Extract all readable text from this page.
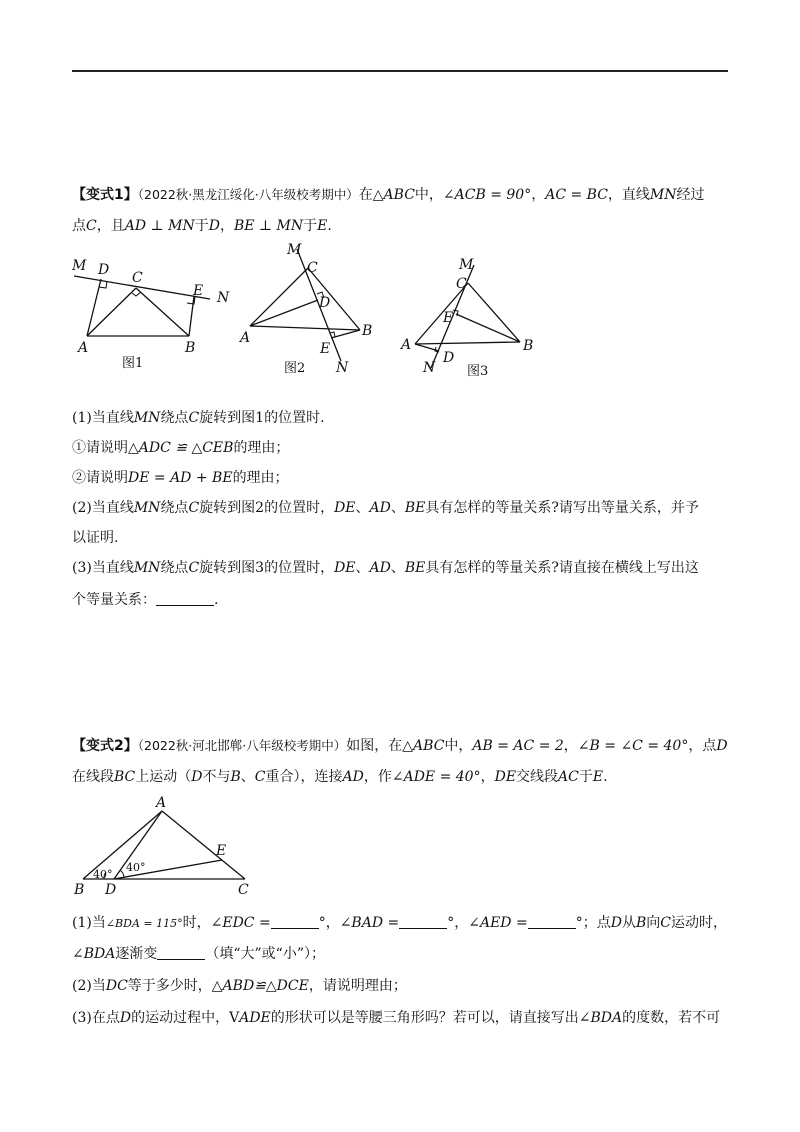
【变式1】（2022秋·黑龙江绥化·八年级校考期中）在△ABC中，∠ACB = 90°，AC = BC，直线MN经过
点C，且AD ⊥ MN于D，BE ⊥ MN于E.
M D C
E N
A	B
图1
M
C
D
A	B
E
N
图2
M
C
E
A	B
N
D
图3
(1)当直线MN绕点C旋转到图1的位置时.
①请说明△ADC ≌ △CEB的理由；
②请说明DE = AD + BE的理由；
(2)当直线MN绕点C旋转到图2的位置时，DE、AD、BE具有怎样的等量关系?请写出等量关系，并予
以证明.
(3)当直线MN绕点C旋转到图3的位置时，DE、AD、BE具有怎样的等量关系?请直接在横线上写出这
个等量关系：	.
【变式2】（2022秋·河北邯郸·八年级校考期中）如图，在△ABC中，AB = AC = 2，∠B = ∠C = 40°，点D
在线段BC上运动（D不与B、C重合），连接AD，作∠ADE = 40°，DE交线段AC于E.
A
E
40°
40°
B D	C
(1)当∠BDA = 115°时，∠EDC =	°，∠BAD =	°，∠AED =	°；点D从B向C运动时，
∠BDA逐渐变	（填“大”或“小”）；
(2)当DC等于多少时，△ABD≌△DCE，请说明理由；
(3)在点D的运动过程中，VADE的形状可以是等腰三角形吗？若可以，请直接写出∠BDA的度数，若不可
